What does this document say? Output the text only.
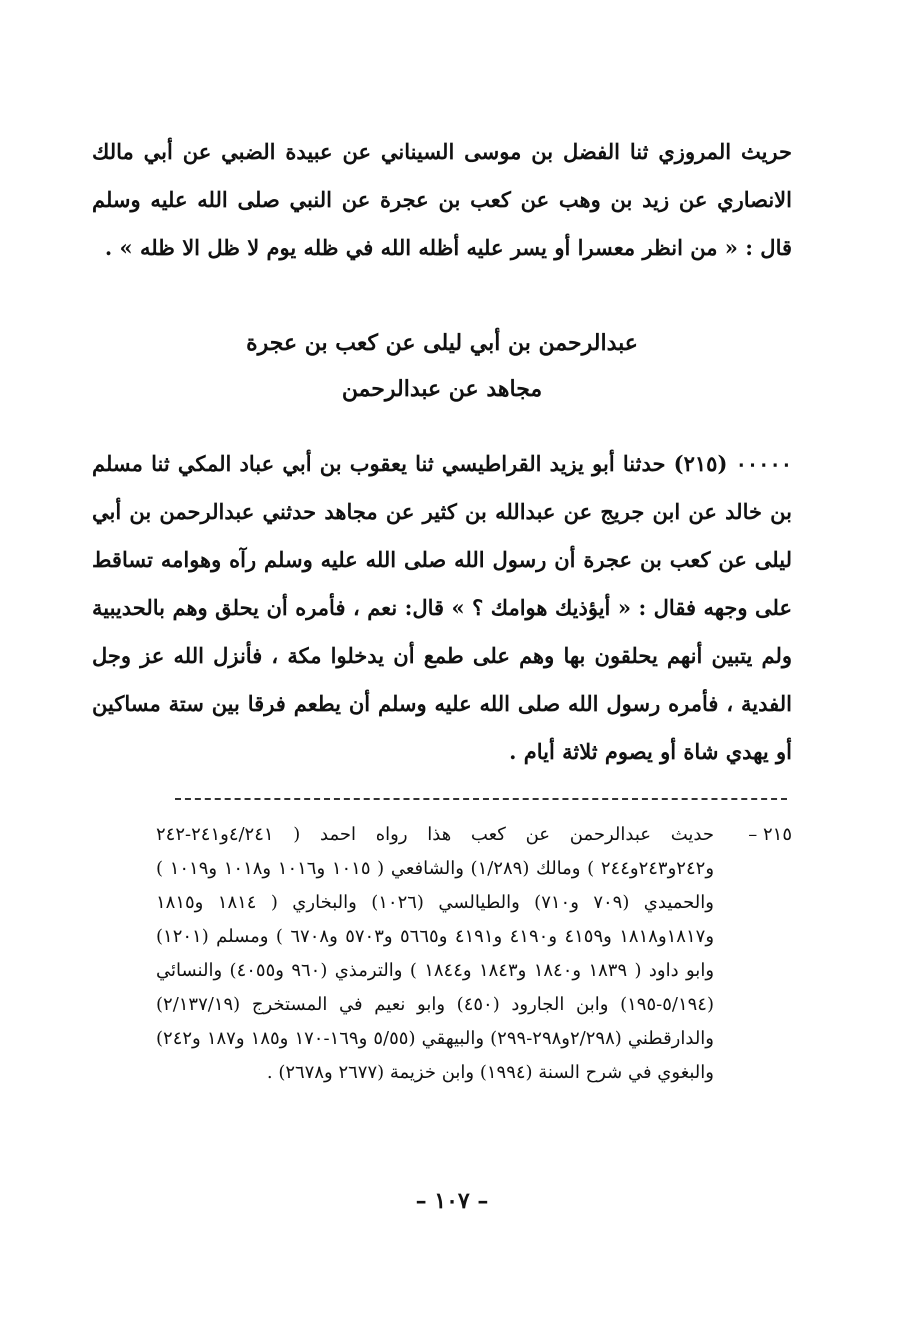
حريث المروزي ثنا الفضل بن موسى السيناني عن عبيدة الضبي عن أبي مالك الانصاري عن زيد بن وهب عن كعب بن عجرة عن النبي صلى الله عليه وسلم قال : « من انظر معسرا أو يسر عليه أظله الله في ظله يوم لا ظل الا ظله » .

عبدالرحمن بن أبي ليلى عن كعب بن عجرة
مجاهد عن عبدالرحمن

٠٠٠٠٠ (٢١٥) حدثنا أبو يزيد القراطيسي ثنا يعقوب بن أبي عباد المكي ثنا مسلم بن خالد عن ابن جريج عن عبدالله بن كثير عن مجاهد حدثني عبدالرحمن بن أبي ليلى عن كعب بن عجرة أن رسول الله صلى الله عليه وسلم رآه وهوامه تساقط على وجهه فقال : « أيؤذيك هوامك ؟ » قال: نعم ، فأمره أن يحلق وهم بالحديبية ولم يتبين أنهم يحلقون بها وهم على طمع أن يدخلوا مكة ، فأنزل الله عز وجل الفدية ، فأمره رسول الله صلى الله عليه وسلم أن يطعم فرقا بين ستة مساكين أو يهدي شاة أو يصوم ثلاثة أيام .

٢١٥ –
حديث عبدالرحمن عن كعب هذا رواه احمد ( ٤/٢٤١و٢٤١-٢٤٢ و٢٤٢و٢٤٣و٢٤٤ ) ومالك (١/٢٨٩) والشافعي ( ١٠١٥ و١٠١٦ و١٠١٨ و١٠١٩ ) والحميدي (٧٠٩ و٧١٠) والطيالسي (١٠٢٦) والبخاري ( ١٨١٤ و١٨١٥ و١٨١٧و١٨١٨ و٤١٥٩ و٤١٩٠ و٤١٩١ و٥٦٦٥ و٥٧٠٣ و٦٧٠٨ ) ومسلم (١٢٠١) وابو داود ( ١٨٣٩ و١٨٤٠ و١٨٤٣ و١٨٤٤ ) والترمذي (٩٦٠ و٤٠٥٥) والنسائي (٥/١٩٤-١٩٥) وابن الجارود (٤٥٠) وابو نعيم في المستخرج (٢/١٣٧/١٩) والدارقطني (٢/٢٩٨و٢٩٨-٢٩٩) والبيهقي (٥/٥٥ و١٦٩-١٧٠ و١٨٥ و١٨٧ و٢٤٢) والبغوي في شرح السنة (١٩٩٤) وابن خزيمة (٢٦٧٧ و٢٦٧٨) .
– ١٠٧ –
